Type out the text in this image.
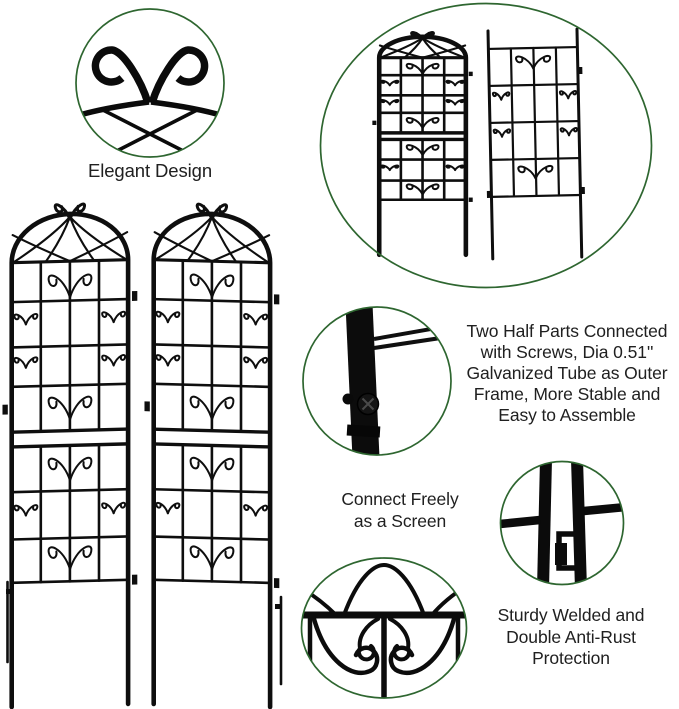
Elegant Design
Two Half Parts Connected
with Screws, Dia 0.51''
Galvanized Tube as Outer
Frame, More Stable and
Easy to Assemble
Connect Freely
as a Screen
Sturdy Welded and
Double Anti-Rust
Protection
